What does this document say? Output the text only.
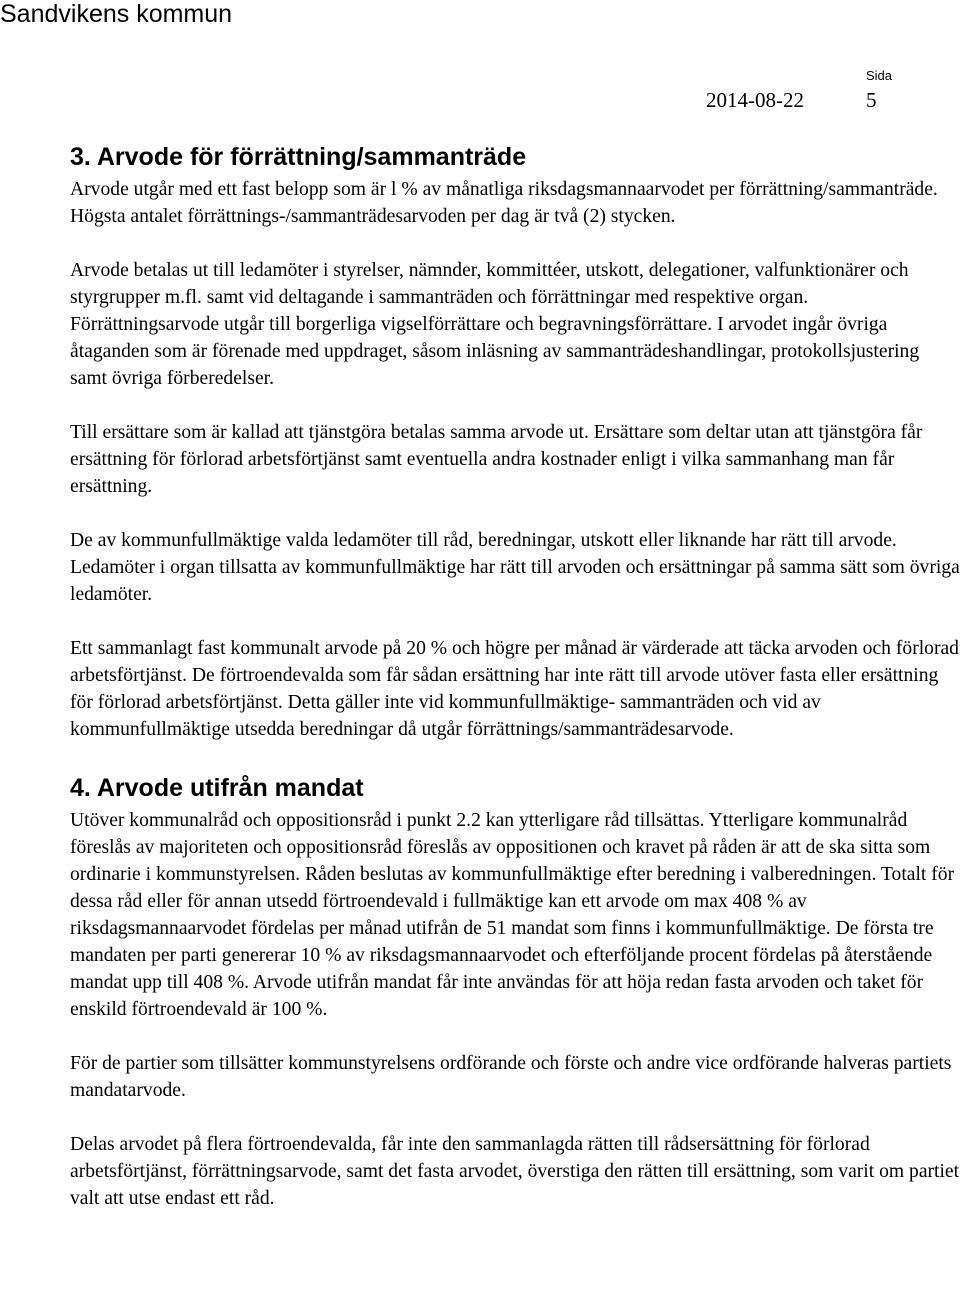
Sandvikens kommun
Sida
2014-08-22	5
3. Arvode för förrättning/sammanträde

Arvode utgår med ett fast belopp som är l % av månatliga riksdagsmannaarvodet per förrättning/sammanträde. Högsta antalet förrättnings-/sammanträdesarvoden per dag är två (2) stycken.

Arvode betalas ut till ledamöter i styrelser, nämnder, kommittéer, utskott, delegationer, valfunktionärer och styrgrupper m.fl. samt vid deltagande i sammanträden och förrättningar med respektive organ. Förrättningsarvode utgår till borgerliga vigselförrättare och begravningsförrättare. I arvodet ingår övriga åtaganden som är förenade med uppdraget, såsom inläsning av sammanträdeshandlingar, protokollsjustering samt övriga förberedelser.

Till ersättare som är kallad att tjänstgöra betalas samma arvode ut. Ersättare som deltar utan att tjänstgöra får ersättning för förlorad arbetsförtjänst samt eventuella andra kostnader enligt i vilka sammanhang man får ersättning.

De av kommunfullmäktige valda ledamöter till råd, beredningar, utskott eller liknande har rätt till arvode. Ledamöter i organ tillsatta av kommunfullmäktige har rätt till arvoden och ersättningar på samma sätt som övriga ledamöter.

Ett sammanlagt fast kommunalt arvode på 20 % och högre per månad är värderade att täcka arvoden och förlorad arbetsförtjänst. De förtroendevalda som får sådan ersättning har inte rätt till arvode utöver fasta eller ersättning för förlorad arbetsförtjänst. Detta gäller inte vid kommunfullmäktige- sammanträden och vid av kommunfullmäktige utsedda beredningar då utgår förrättnings/sammanträdesarvode.

4. Arvode utifrån mandat

Utöver kommunalråd och oppositionsråd i punkt 2.2 kan ytterligare råd tillsättas. Ytterligare kommunalråd föreslås av majoriteten och oppositionsråd föreslås av oppositionen och kravet på råden är att de ska sitta som ordinarie i kommunstyrelsen. Råden beslutas av kommunfullmäktige efter beredning i valberedningen. Totalt för dessa råd eller för annan utsedd förtroendevald i fullmäktige kan ett arvode om max 408 % av riksdagsmannaarvodet fördelas per månad utifrån de 51 mandat som finns i kommunfullmäktige. De första tre mandaten per parti genererar 10 % av riksdagsmannaarvodet och efterföljande procent fördelas på återstående mandat upp till 408 %. Arvode utifrån mandat får inte användas för att höja redan fasta arvoden och taket för enskild förtroendevald är 100 %.

För de partier som tillsätter kommunstyrelsens ordförande och förste och andre vice ordförande halveras partiets mandatarvode.

Delas arvodet på flera förtroendevalda, får inte den sammanlagda rätten till rådsersättning för förlorad arbetsförtjänst, förrättningsarvode, samt det fasta arvodet, överstiga den rätten till ersättning, som varit om partiet valt att utse endast ett råd.
